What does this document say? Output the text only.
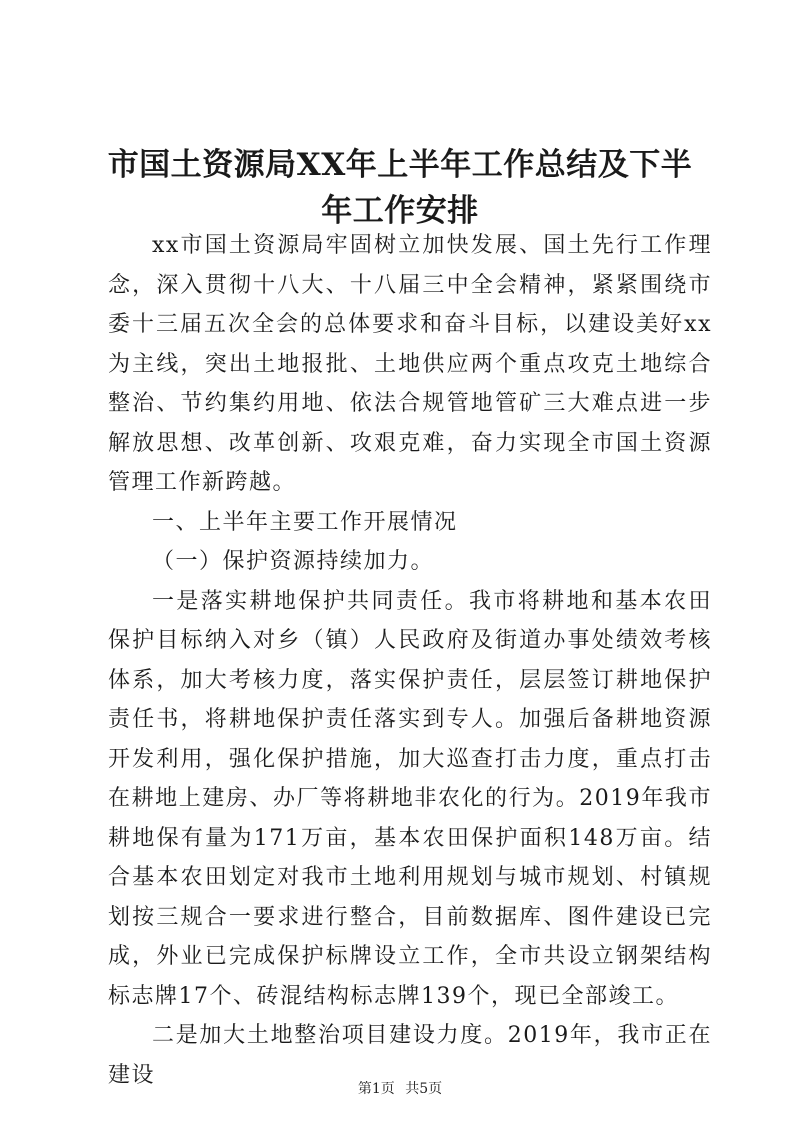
市国土资源局XX年上半年工作总结及下半年工作安排

xx市国土资源局牢固树立加快发展、国土先行工作理念，深入贯彻十八大、十八届三中全会精神，紧紧围绕市委十三届五次全会的总体要求和奋斗目标，以建设美好xx为主线，突出土地报批、土地供应两个重点攻克土地综合整治、节约集约用地、依法合规管地管矿三大难点进一步解放思想、改革创新、攻艰克难，奋力实现全市国土资源管理工作新跨越。

一、上半年主要工作开展情况

（一）保护资源持续加力。

一是落实耕地保护共同责任。我市将耕地和基本农田保护目标纳入对乡（镇）人民政府及街道办事处绩效考核体系，加大考核力度，落实保护责任，层层签订耕地保护责任书，将耕地保护责任落实到专人。加强后备耕地资源开发利用，强化保护措施，加大巡查打击力度，重点打击在耕地上建房、办厂等将耕地非农化的行为。2019年我市耕地保有量为171万亩，基本农田保护面积148万亩。结合基本农田划定对我市土地利用规划与城市规划、村镇规划按三规合一要求进行整合，目前数据库、图件建设已完成，外业已完成保护标牌设立工作，全市共设立钢架结构标志牌17个、砖混结构标志牌139个，现已全部竣工。

二是加大土地整治项目建设力度。2019年，我市正在建设

第1页 共5页
